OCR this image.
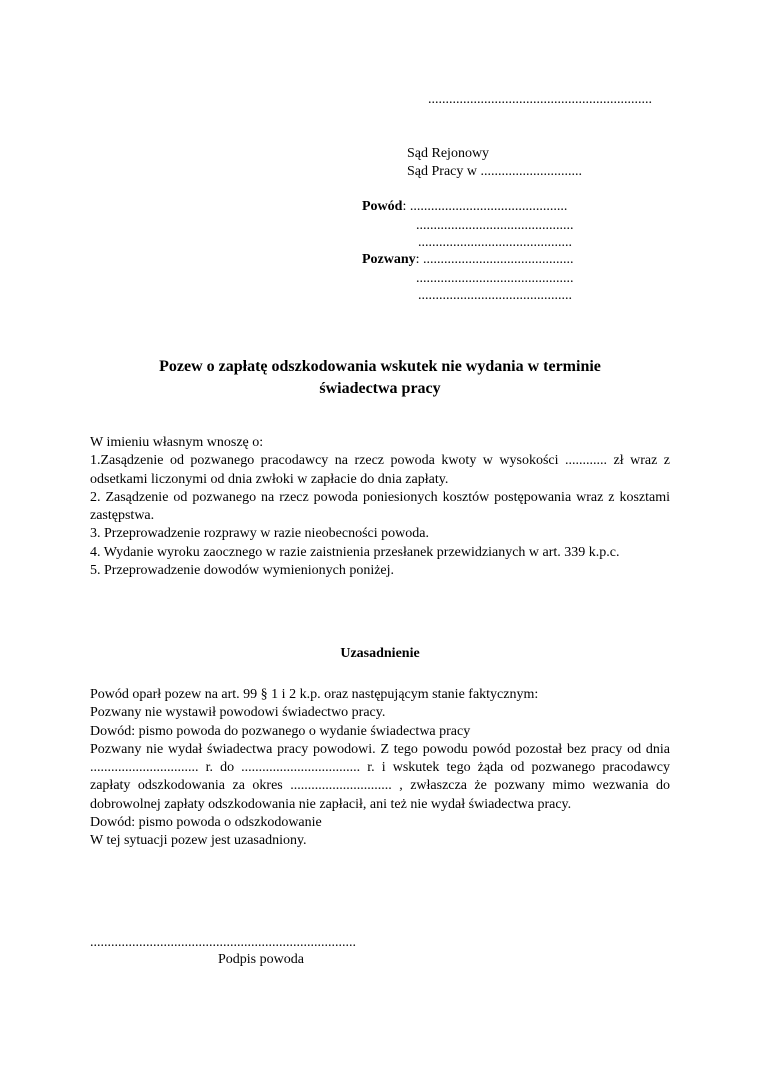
................................................................
Sąd Rejonowy
Sąd Pracy w .............................
Powód: .............................................
.............................................
............................................
Pozwany: ...........................................
.............................................
............................................
Pozew o zapłatę odszkodowania wskutek nie wydania w terminie
świadectwa pracy

W imieniu własnym wnoszę o:

1.Zasądzenie od pozwanego pracodawcy na rzecz powoda kwoty w wysokości ............ zł wraz z odsetkami liczonymi od dnia zwłoki w zapłacie do dnia zapłaty.

2. Zasądzenie od pozwanego na rzecz powoda poniesionych kosztów postępowania wraz z kosztami zastępstwa.

3. Przeprowadzenie rozprawy w razie nieobecności powoda.

4. Wydanie wyroku zaocznego w razie zaistnienia przesłanek przewidzianych w art. 339 k.p.c.

5. Przeprowadzenie dowodów wymienionych poniżej.

Uzasadnienie

Powód oparł pozew na art. 99 § 1 i 2 k.p. oraz następującym stanie faktycznym:

Pozwany nie wystawił powodowi świadectwo pracy.

Dowód: pismo powoda do pozwanego o wydanie świadectwa pracy

Pozwany nie wydał świadectwa pracy powodowi. Z tego powodu powód pozostał bez pracy od dnia ............................... r. do .................................. r. i wskutek tego żąda od pozwanego pracodawcy zapłaty odszkodowania za okres ............................. , zwłaszcza że pozwany mimo wezwania do dobrowolnej zapłaty odszkodowania nie zapłacił, ani też nie wydał świadectwa pracy.

Dowód: pismo powoda o odszkodowanie

W tej sytuacji pozew jest uzasadniony.

............................................................................
Podpis powoda
